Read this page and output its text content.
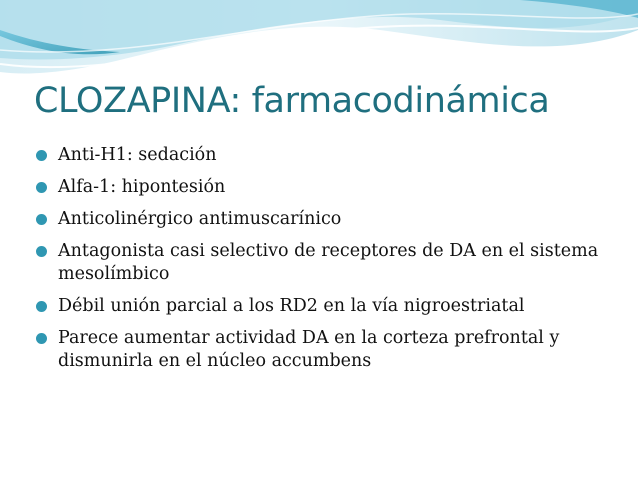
CLOZAPINA: farmacodinámica
Anti-H1: sedación
Alfa-1: hipontesión
Anticolinérgico antimuscarínico
Antagonista casi selectivo de receptores de DA en el sistema mesolímbico
Débil unión parcial a los RD2 en la vía nigroestriatal
Parece aumentar actividad DA en la corteza prefrontal y dismunirla en el núcleo accumbens
